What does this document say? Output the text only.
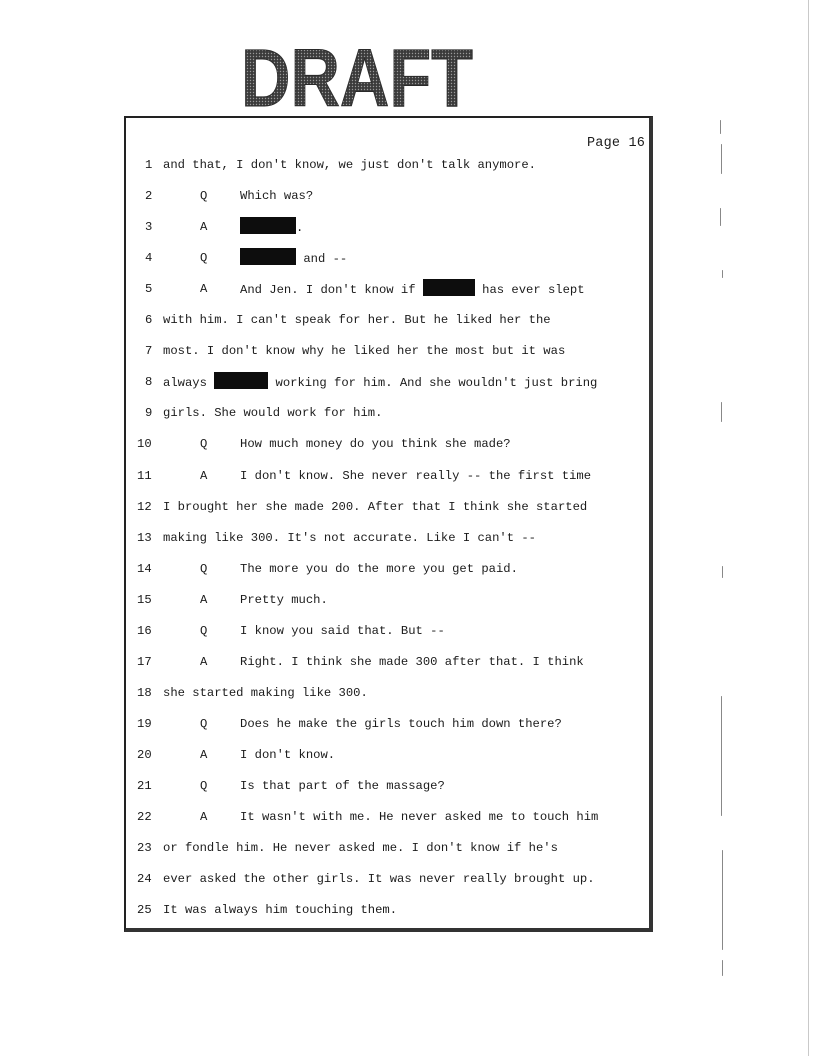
DRAFT
Page 16
1 and that, I don't know, we just don't talk anymore.
2	Q	Which was?
3	A	.
4	Q	and --
5	A	And Jen. I don't know if	has ever slept
6 with him. I can't speak for her. But he liked her the
7 most. I don't know why he liked her the most but it was
8 always	working for him. And she wouldn't just bring
9 girls. She would work for him.
10	Q	How much money do you think she made?
11	A	I don't know. She never really -- the first time
12 I brought her she made 200. After that I think she started
13 making like 300. It's not accurate. Like I can't --
14	Q	The more you do the more you get paid.
15	A	Pretty much.
16	Q	I know you said that. But --
17	A	Right. I think she made 300 after that. I think
18 she started making like 300.
19	Q	Does he make the girls touch him down there?
20	A	I don't know.
21	Q	Is that part of the massage?
22	A	It wasn't with me. He never asked me to touch him
23 or fondle him. He never asked me. I don't know if he's
24 ever asked the other girls. It was never really brought up.
25 It was always him touching them.
